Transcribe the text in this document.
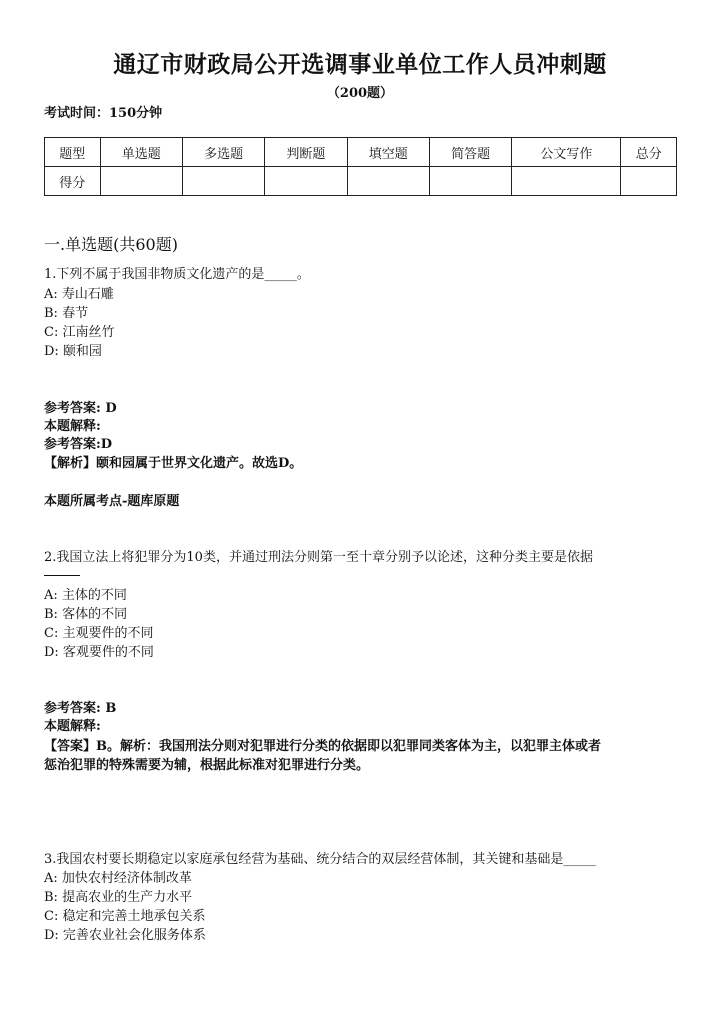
通辽市财政局公开选调事业单位工作人员冲刺题
（200题）
考试时间：150分钟
题型	单选题	多选题	判断题	填空题	简答题	公文写作	总分
得分							
一.单选题(共60题)
1.下列不属于我国非物质文化遗产的是_____。
A: 寿山石雕
B: 春节
C: 江南丝竹
D: 颐和园
参考答案: D
本题解释:
参考答案:D
【解析】颐和园属于世界文化遗产。故选D。
本题所属考点-题库原题
2.我国立法上将犯罪分为10类，并通过刑法分则第一至十章分别予以论述，这种分类主要是依据
A: 主体的不同
B: 客体的不同
C: 主观要件的不同
D: 客观要件的不同
参考答案: B
本题解释:
【答案】B。解析：我国刑法分则对犯罪进行分类的依据即以犯罪同类客体为主，以犯罪主体或者
惩治犯罪的特殊需要为辅，根据此标准对犯罪进行分类。
3.我国农村要长期稳定以家庭承包经营为基础、统分结合的双层经营体制，其关键和基础是_____
A: 加快农村经济体制改革
B: 提高农业的生产力水平
C: 稳定和完善土地承包关系
D: 完善农业社会化服务体系
